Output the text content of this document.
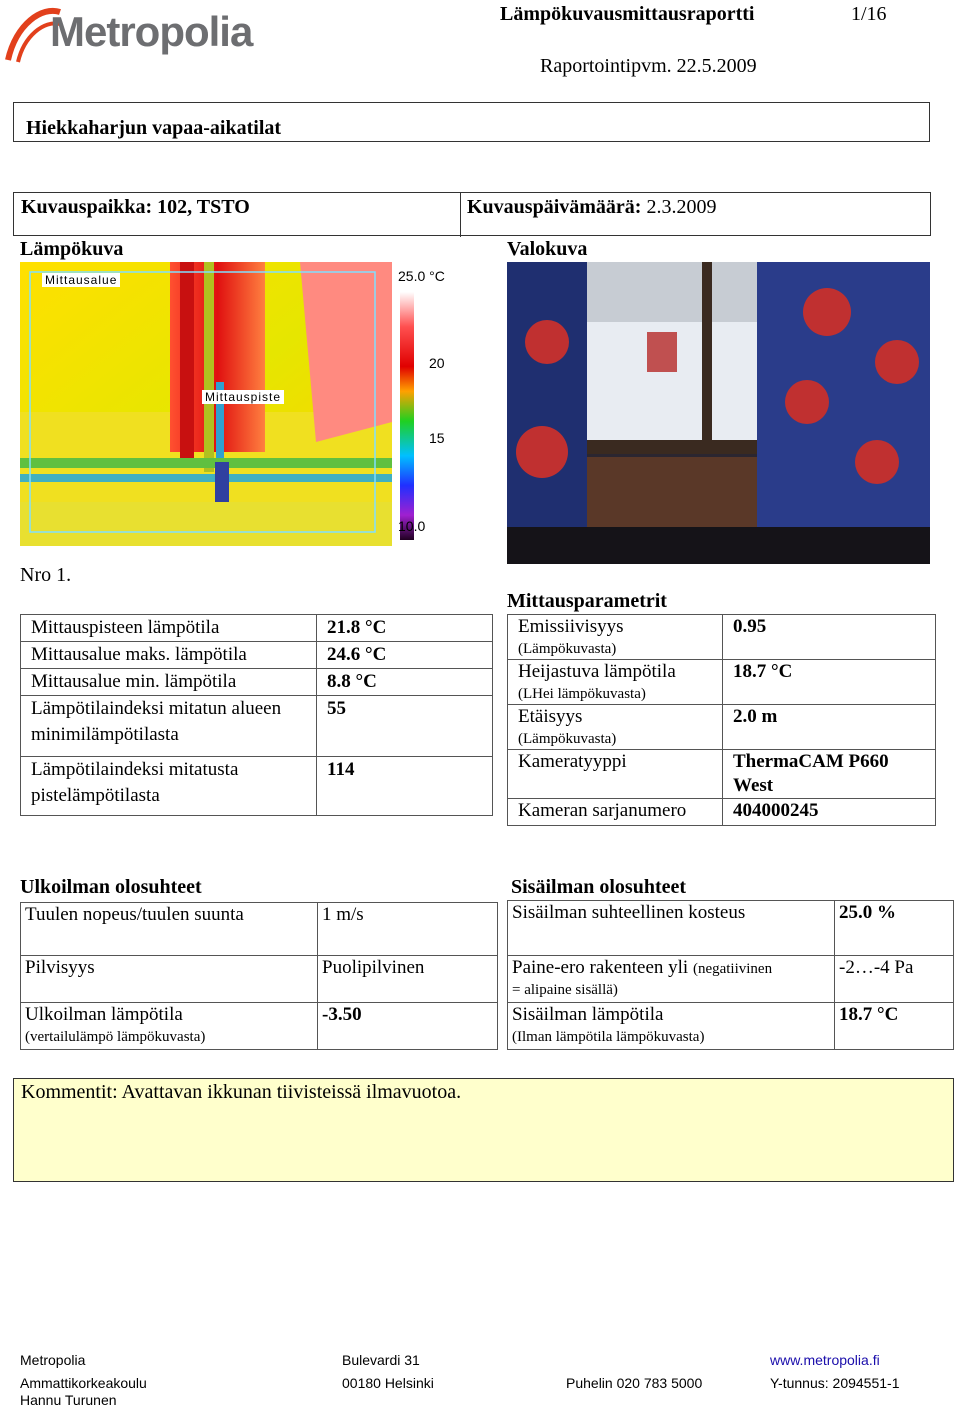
Metropolia	Lämpökuvausmittausraportti	1/16
Raportointipvm. 22.5.2009
Hiekkaharjun vapaa-aikatilat
Kuvauspaikka: 102, TSTO	Kuvauspäivämäärä: 2.3.2009
Lämpökuva	Valokuva
Mittausalue
Mittauspiste
25.0 °C
20
15
10.0
Nro 1.
Mittauspisteen lämpötila	21.8 °C
Mittausalue maks. lämpötila	24.6 °C
Mittausalue min. lämpötila	8.8 °C
Lämpötilaindeksi mitatun alueen minimilämpötilasta	55
Lämpötilaindeksi mitatusta pistelämpötilasta	114
Mittausparametrit
Emissiivisyys
(Lämpökuvasta)	0.95

Heijastuva lämpötila
(LHei lämpökuvasta)	18.7 °C

Etäisyys
(Lämpökuvasta)	2.0 m
Kameratyyppi	ThermaCAM P660 West
Kameran sarjanumero	404000245
Ulkoilman olosuhteet
Tuulen nopeus/tuulen suunta	1 m/s
Pilvisyys	Puolipilvinen

Ulkoilman lämpötila
(vertailulämpö lämpökuvasta)	-3.50
Sisäilman olosuhteet
Sisäilman suhteellinen kosteus	25.0 %
Paine-ero rakenteen yli (negatiivinen
= alipaine sisällä)	-2…-4 Pa

Sisäilman lämpötila
(Ilman lämpötila lämpökuvasta)	18.7 °C
Kommentit: Avattavan ikkunan tiivisteissä ilmavuotoa.
Metropolia
Ammattikorkeakoulu
Hannu Turunen
Bulevardi 31
00180 Helsinki	Puhelin 020 783 5000
www.metropolia.fi
Y-tunnus: 2094551-1
